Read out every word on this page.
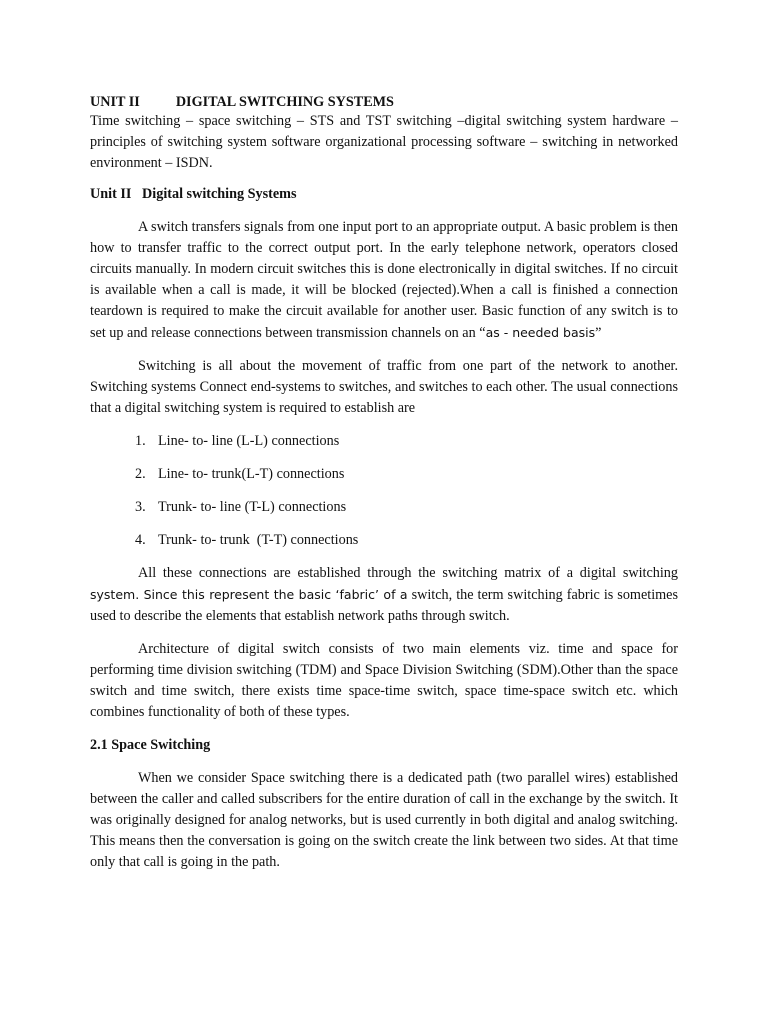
UNIT II	DIGITAL SWITCHING SYSTEMS

Time switching – space switching – STS and TST switching –digital switching system hardware – principles of switching system software organizational processing software – switching in networked environment – ISDN.

Unit II   Digital switching Systems

A switch transfers signals from one input port to an appropriate output. A basic problem is then how to transfer traffic to the correct output port. In the early telephone network, operators closed circuits manually. In modern circuit switches this is done electronically in digital switches. If no circuit is available when a call is made, it will be blocked (rejected).When a call is finished a connection teardown is required to make the circuit available for another user. Basic function of any switch is to set up and release connections between transmission channels on an “as - needed basis”

Switching is all about the movement of traffic from one part of the network to another. Switching systems Connect end-systems to switches, and switches to each other. The usual connections that a digital switching system is required to establish are

1. Line- to- line (L-L) connections
2. Line- to- trunk(L-T) connections
3. Trunk- to- line (T-L) connections
4. Trunk- to- trunk  (T-T) connections

All these connections are established through the switching matrix of a digital switching system. Since this represent the basic ‘fabric’ of a switch, the term switching fabric is sometimes used to describe the elements that establish network paths through switch.

Architecture of digital switch consists of two main elements viz. time and space for performing time division switching (TDM) and Space Division Switching (SDM).Other than the space switch and time switch, there exists time space-time switch, space time-space switch etc. which combines functionality of both of these types.

2.1 Space Switching

When we consider Space switching there is a dedicated path (two parallel wires) established between the caller and called subscribers for the entire duration of call in the exchange by the switch. It was originally designed for analog networks, but is used currently in both digital and analog switching. This means then the conversation is going on the switch create the link between two sides. At that time only that call is going in the path.
